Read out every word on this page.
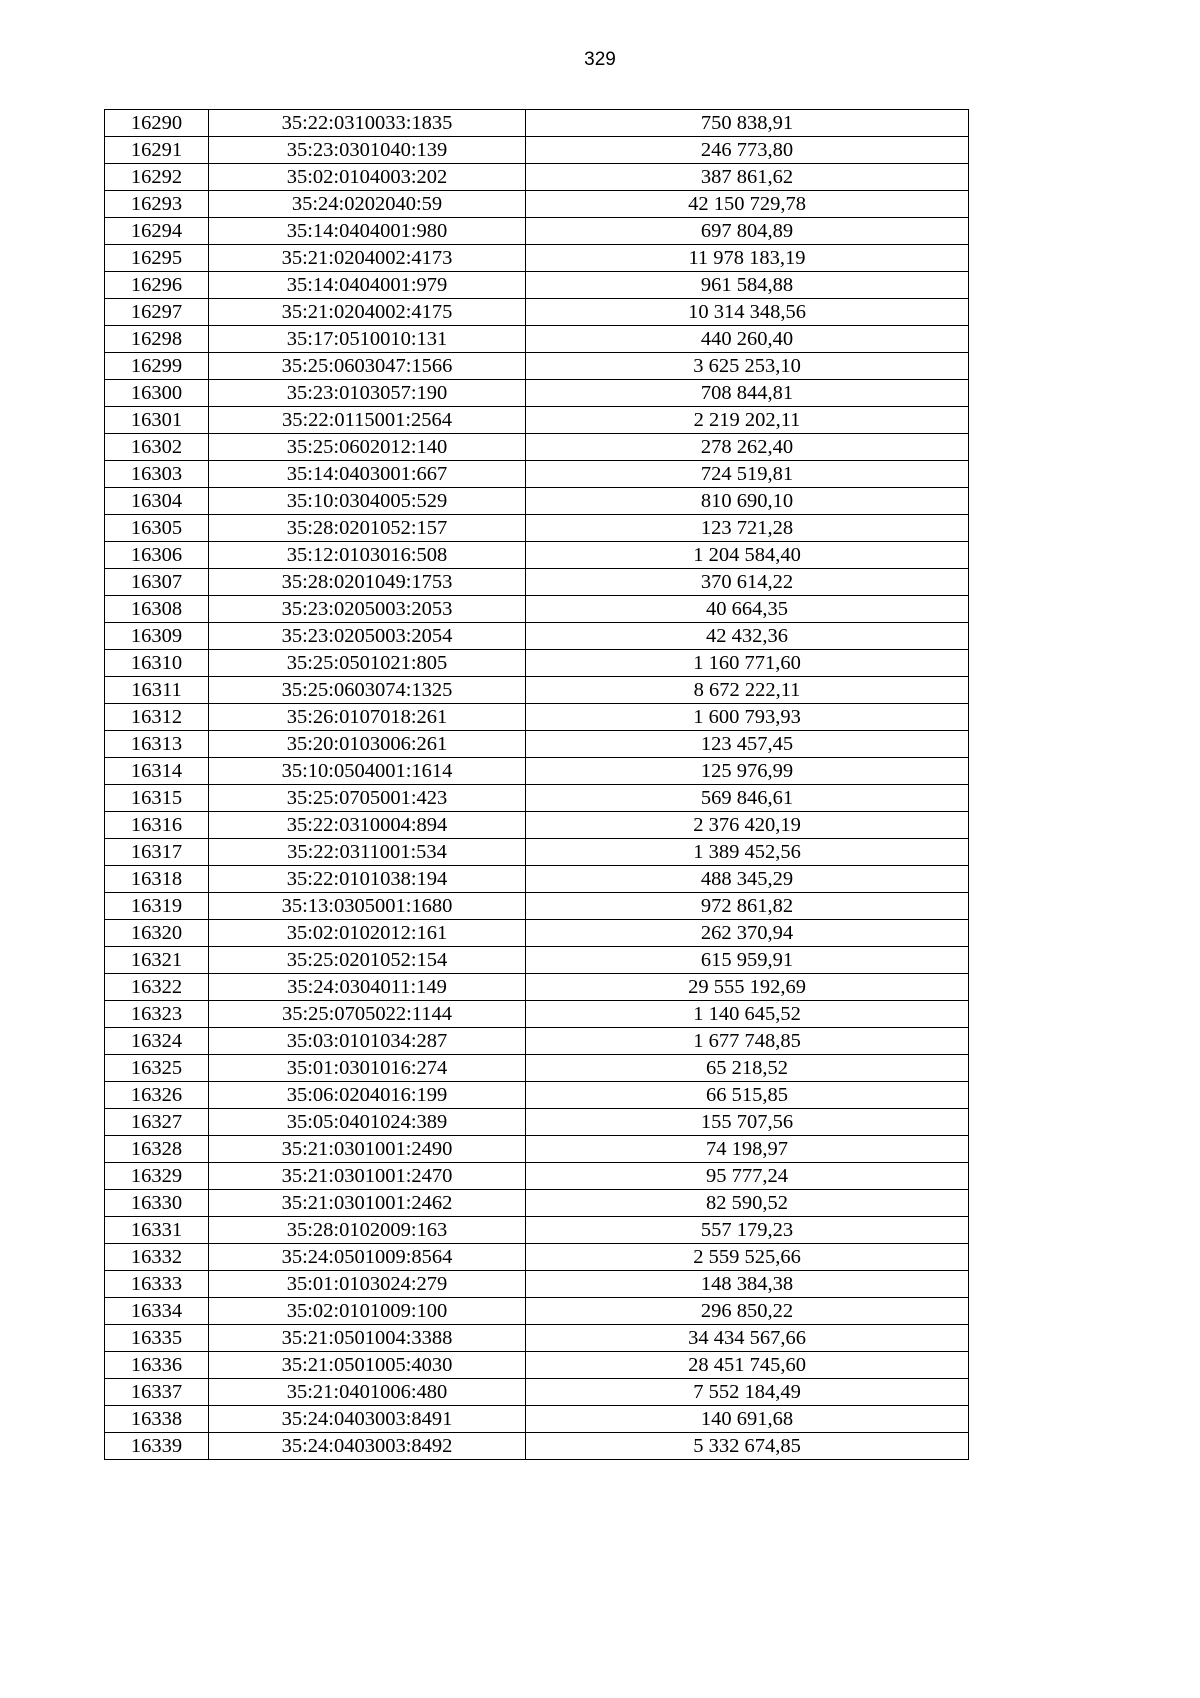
329
16290	35:22:0310033:1835	750 838,91
16291	35:23:0301040:139	246 773,80
16292	35:02:0104003:202	387 861,62
16293	35:24:0202040:59	42 150 729,78
16294	35:14:0404001:980	697 804,89
16295	35:21:0204002:4173	11 978 183,19
16296	35:14:0404001:979	961 584,88
16297	35:21:0204002:4175	10 314 348,56
16298	35:17:0510010:131	440 260,40
16299	35:25:0603047:1566	3 625 253,10
16300	35:23:0103057:190	708 844,81
16301	35:22:0115001:2564	2 219 202,11
16302	35:25:0602012:140	278 262,40
16303	35:14:0403001:667	724 519,81
16304	35:10:0304005:529	810 690,10
16305	35:28:0201052:157	123 721,28
16306	35:12:0103016:508	1 204 584,40
16307	35:28:0201049:1753	370 614,22
16308	35:23:0205003:2053	40 664,35
16309	35:23:0205003:2054	42 432,36
16310	35:25:0501021:805	1 160 771,60
16311	35:25:0603074:1325	8 672 222,11
16312	35:26:0107018:261	1 600 793,93
16313	35:20:0103006:261	123 457,45
16314	35:10:0504001:1614	125 976,99
16315	35:25:0705001:423	569 846,61
16316	35:22:0310004:894	2 376 420,19
16317	35:22:0311001:534	1 389 452,56
16318	35:22:0101038:194	488 345,29
16319	35:13:0305001:1680	972 861,82
16320	35:02:0102012:161	262 370,94
16321	35:25:0201052:154	615 959,91
16322	35:24:0304011:149	29 555 192,69
16323	35:25:0705022:1144	1 140 645,52
16324	35:03:0101034:287	1 677 748,85
16325	35:01:0301016:274	65 218,52
16326	35:06:0204016:199	66 515,85
16327	35:05:0401024:389	155 707,56
16328	35:21:0301001:2490	74 198,97
16329	35:21:0301001:2470	95 777,24
16330	35:21:0301001:2462	82 590,52
16331	35:28:0102009:163	557 179,23
16332	35:24:0501009:8564	2 559 525,66
16333	35:01:0103024:279	148 384,38
16334	35:02:0101009:100	296 850,22
16335	35:21:0501004:3388	34 434 567,66
16336	35:21:0501005:4030	28 451 745,60
16337	35:21:0401006:480	7 552 184,49
16338	35:24:0403003:8491	140 691,68
16339	35:24:0403003:8492	5 332 674,85
